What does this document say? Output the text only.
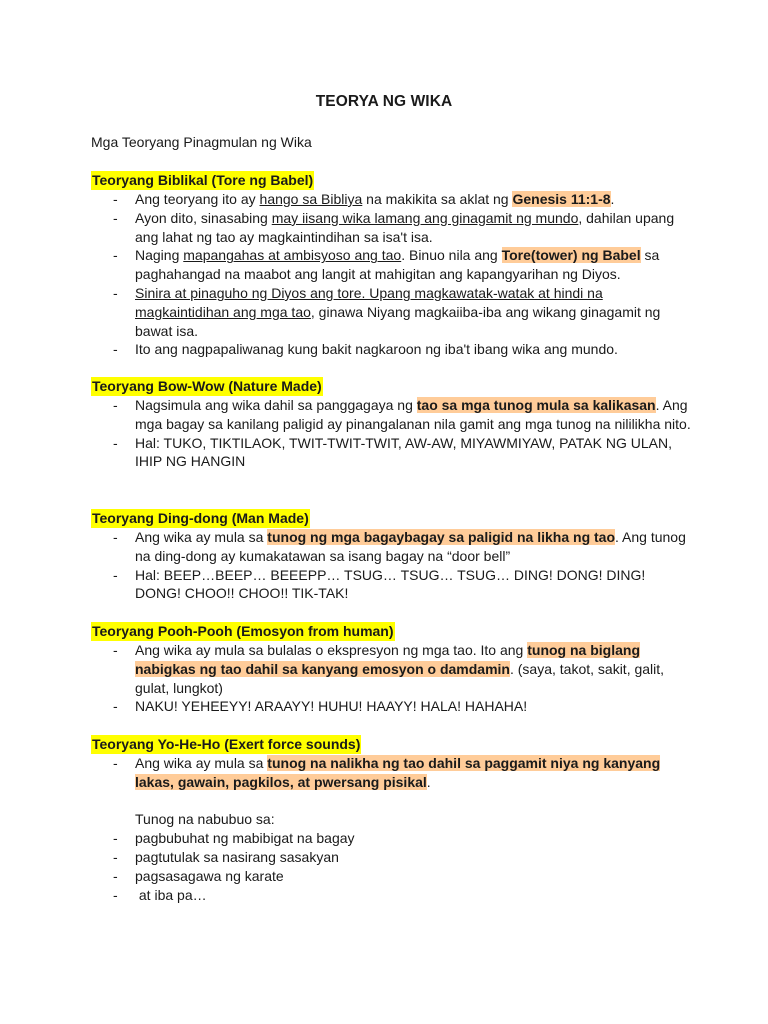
TEORYA NG WIKA
Mga Teoryang Pinagmulan ng Wika
Teoryang Biblikal (Tore ng Babel)
- Ang teoryang ito ay hango sa Bibliya na makikita sa aklat ng Genesis 11:1-8.
- Ayon dito, sinasabing may iisang wika lamang ang ginagamit ng mundo, dahilan upang ang lahat ng tao ay magkaintindihan sa isa't isa.
- Naging mapangahas at ambisyoso ang tao. Binuo nila ang Tore(tower) ng Babel sa paghahangad na maabot ang langit at mahigitan ang kapangyarihan ng Diyos.
- Sinira at pinaguho ng Diyos ang tore. Upang magkawatak-watak at hindi na magkaintidihan ang mga tao, ginawa Niyang magkaiiba-iba ang wikang ginagamit ng bawat isa.
- Ito ang nagpapaliwanag kung bakit nagkaroon ng iba't ibang wika ang mundo.
Teoryang Bow-Wow (Nature Made)
- Nagsimula ang wika dahil sa panggagaya ng tao sa mga tunog mula sa kalikasan. Ang mga bagay sa kanilang paligid ay pinangalanan nila gamit ang mga tunog na nililikha nito.
- Hal: TUKO, TIKTILAOK, TWIT-TWIT-TWIT, AW-AW, MIYAWMIYAW, PATAK NG ULAN, IHIP NG HANGIN
Teoryang Ding-dong (Man Made)
- Ang wika ay mula sa tunog ng mga bagaybagay sa paligid na likha ng tao. Ang tunog na ding-dong ay kumakatawan sa isang bagay na “door bell”
- Hal: BEEP…BEEP… BEEEPP… TSUG… TSUG… TSUG… DING! DONG! DING! DONG! CHOO!! CHOO!! TIK-TAK!
Teoryang Pooh-Pooh (Emosyon from human)
- Ang wika ay mula sa bulalas o ekspresyon ng mga tao. Ito ang tunog na biglang nabigkas ng tao dahil sa kanyang emosyon o damdamin. (saya, takot, sakit, galit, gulat, lungkot)
- NAKU! YEHEEYY! ARAAYY! HUHU! HAAYY! HALA! HAHAHA!
Teoryang Yo-He-Ho (Exert force sounds)
- Ang wika ay mula sa tunog na nalikha ng tao dahil sa paggamit niya ng kanyang lakas, gawain, pagkilos, at pwersang pisikal.
Tunog na nabubuo sa:
- pagbubuhat ng mabibigat na bagay
- pagtutulak sa nasirang sasakyan
- pagsasagawa ng karate
-  at iba pa…
